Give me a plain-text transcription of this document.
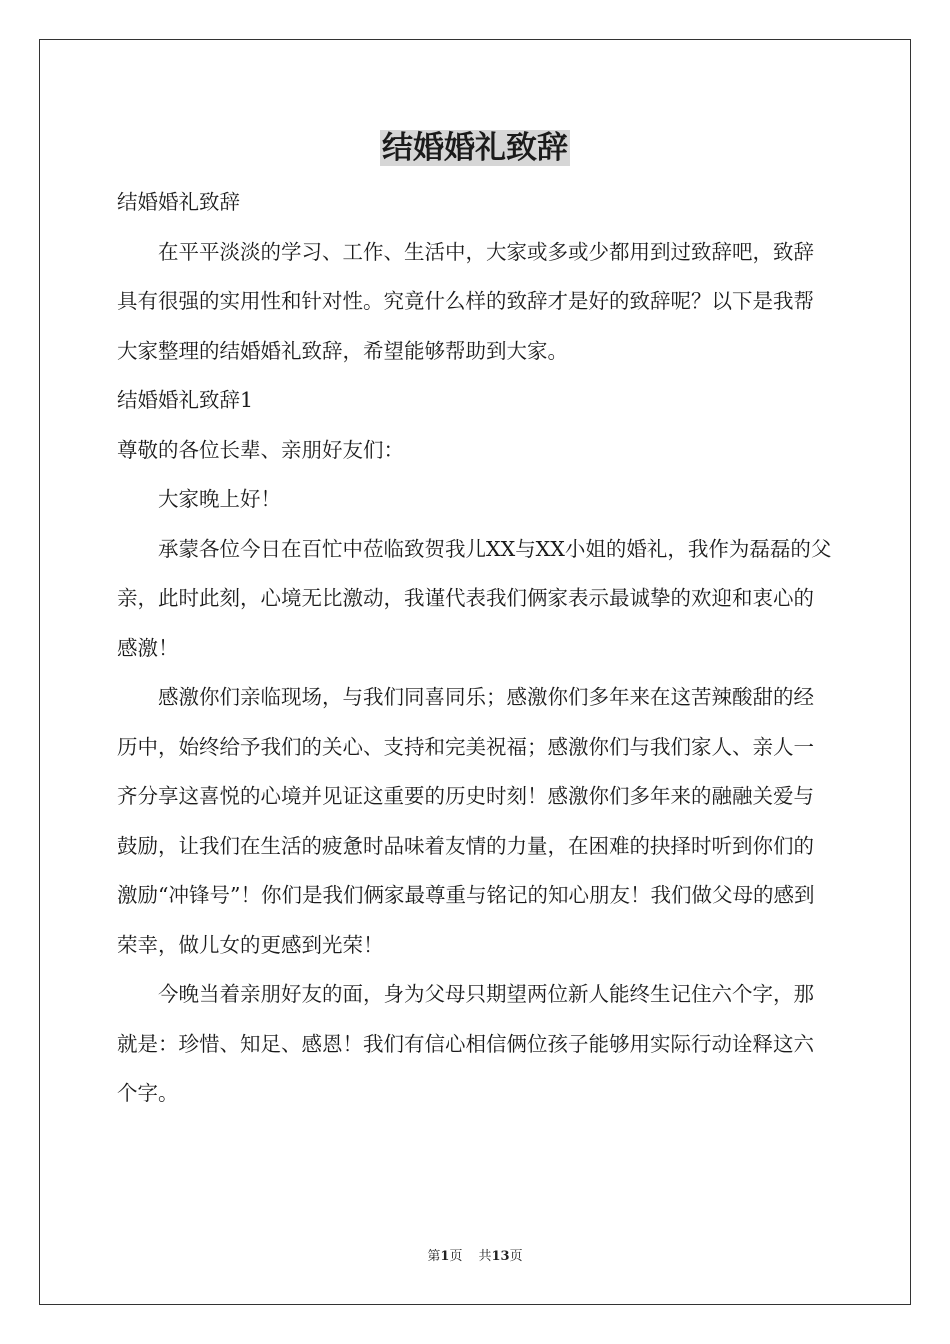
结婚婚礼致辞

结婚婚礼致辞

在平平淡淡的学习、工作、生活中，大家或多或少都用到过致辞吧，致辞具有很强的实用性和针对性。究竟什么样的致辞才是好的致辞呢？以下是我帮大家整理的结婚婚礼致辞，希望能够帮助到大家。

结婚婚礼致辞1

尊敬的各位长辈、亲朋好友们：

大家晚上好！

承蒙各位今日在百忙中莅临致贺我儿XX与XX小姐的婚礼，我作为磊磊的父亲，此时此刻，心境无比激动，我谨代表我们俩家表示最诚挚的欢迎和衷心的感激！

感激你们亲临现场，与我们同喜同乐；感激你们多年来在这苦辣酸甜的经历中，始终给予我们的关心、支持和完美祝福；感激你们与我们家人、亲人一齐分享这喜悦的心境并见证这重要的历史时刻！感激你们多年来的融融关爱与鼓励，让我们在生活的疲惫时品味着友情的力量，在困难的抉择时听到你们的激励“冲锋号”！你们是我们俩家最尊重与铭记的知心朋友！我们做父母的感到荣幸，做儿女的更感到光荣！

今晚当着亲朋好友的面，身为父母只期望两位新人能终生记住六个字，那就是：珍惜、知足、感恩！我们有信心相信俩位孩子能够用实际行动诠释这六个字。

第1页 共13页
